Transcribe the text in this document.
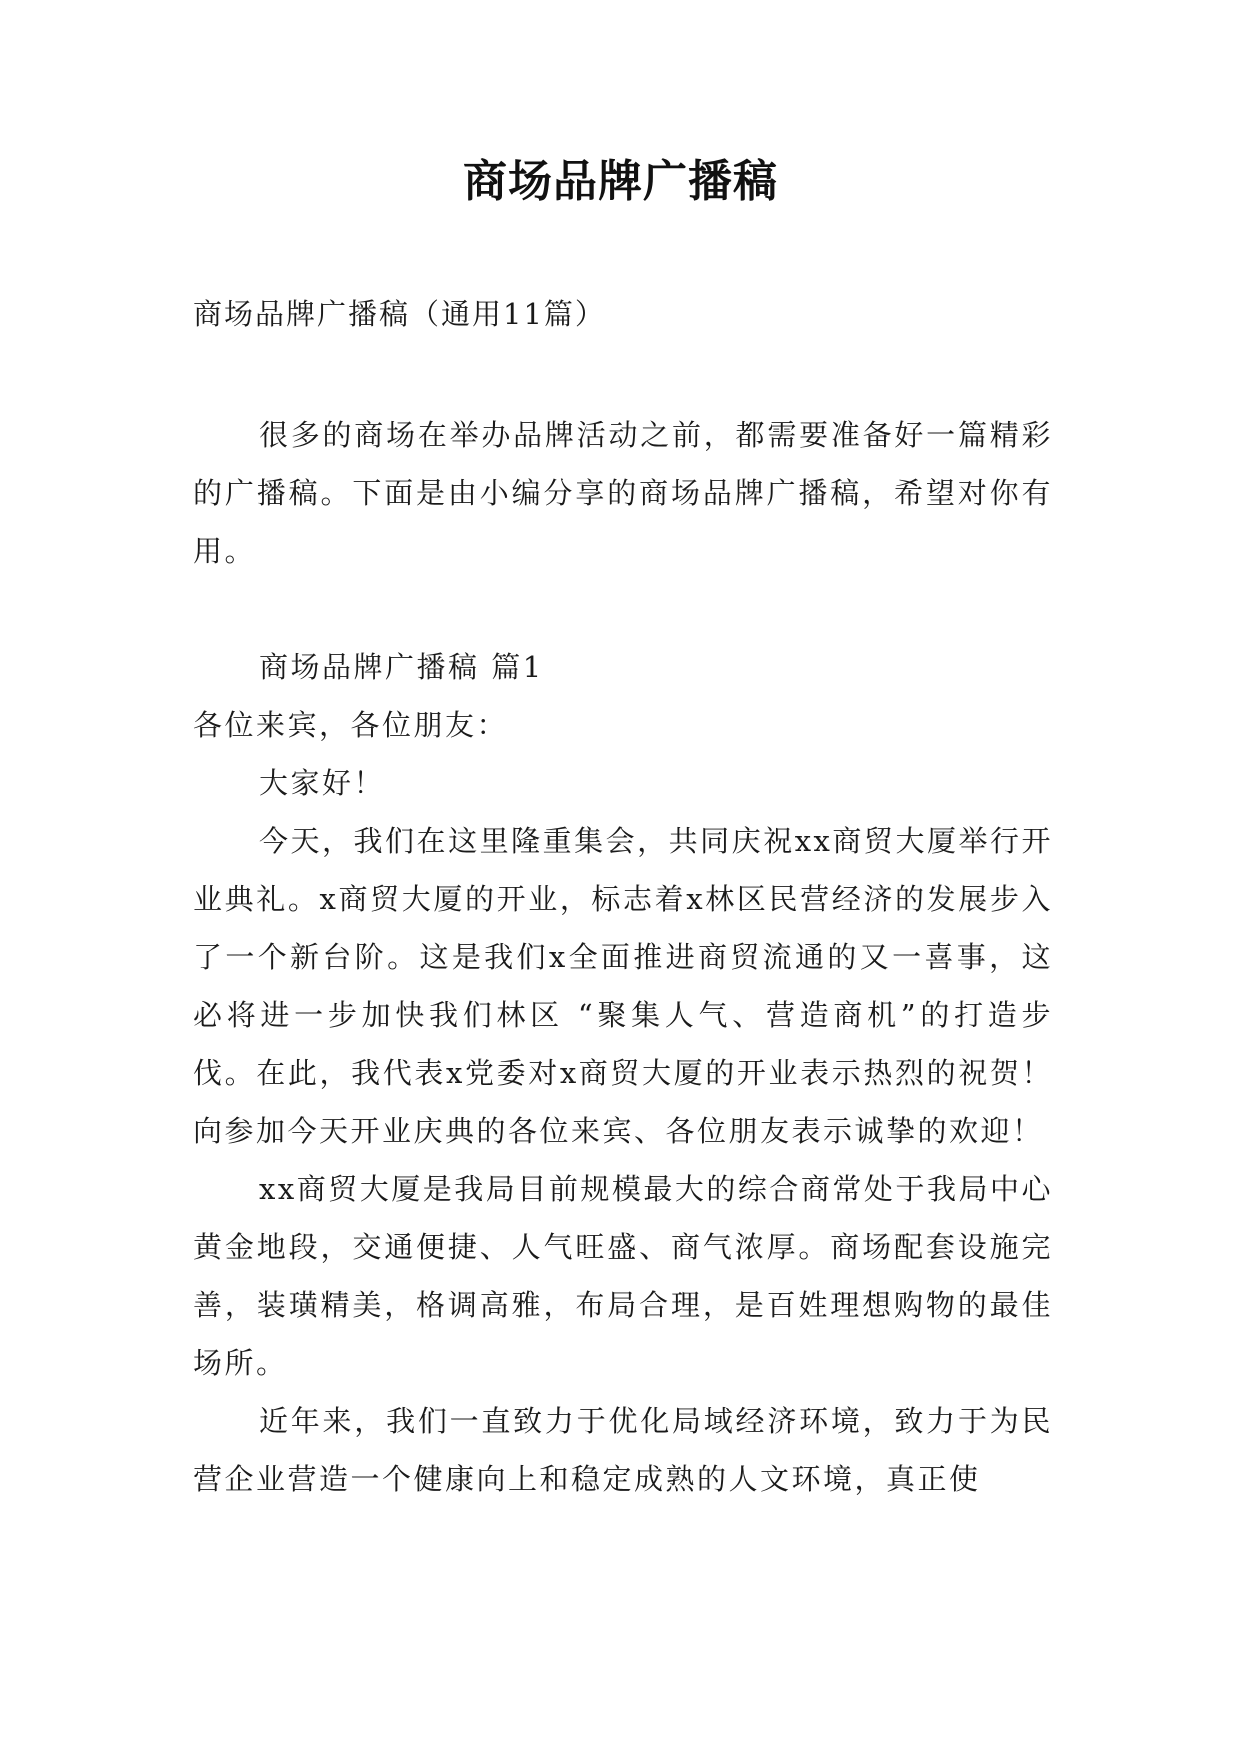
商场品牌广播稿
商场品牌广播稿（通用11篇）

很多的商场在举办品牌活动之前，都需要准备好一篇精彩的广播稿。下面是由小编分享的商场品牌广播稿，希望对你有用。

商场品牌广播稿 篇1

各位来宾，各位朋友：

大家好！

今天，我们在这里隆重集会，共同庆祝xx商贸大厦举行开业典礼。x商贸大厦的开业，标志着x林区民营经济的发展步入了一个新台阶。这是我们x全面推进商贸流通的又一喜事，这必将进一步加快我们林区 “聚集人气、营造商机”的打造步伐。在此，我代表x党委对x商贸大厦的开业表示热烈的祝贺！向参加今天开业庆典的各位来宾、各位朋友表示诚挚的欢迎！

xx商贸大厦是我局目前规模最大的综合商常处于我局中心黄金地段，交通便捷、人气旺盛、商气浓厚。商场配套设施完善，装璜精美，格调高雅，布局合理，是百姓理想购物的最佳场所。

近年来，我们一直致力于优化局域经济环境，致力于为民营企业营造一个健康向上和稳定成熟的人文环境，真正使
